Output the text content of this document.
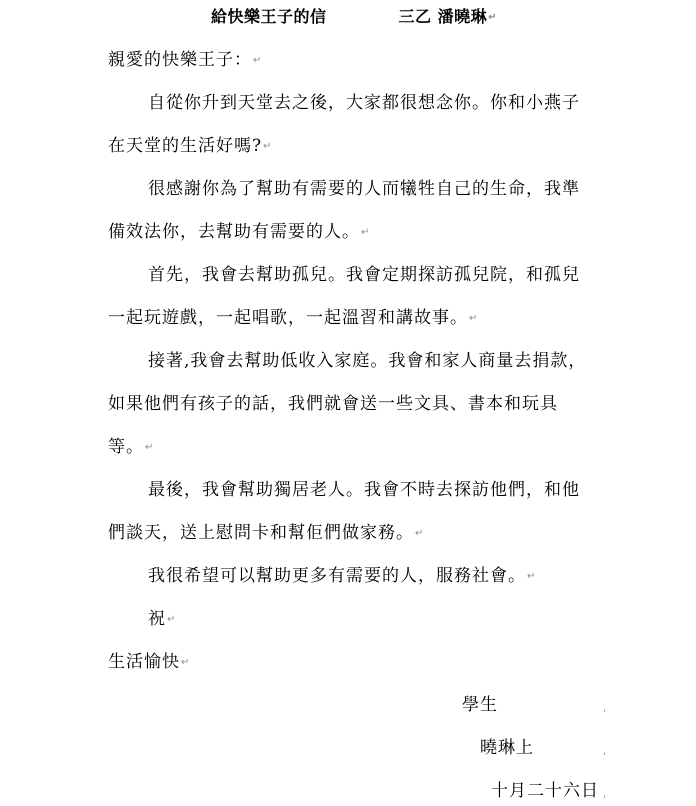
給快樂王子的信	三乙 潘曉琳↵
親愛的快樂王子：↵
自從你升到天堂去之後，大家都很想念你。你和小燕子
在天堂的生活好嗎?↵
很感謝你為了幫助有需要的人而犧牲自己的生命，我準
備效法你，去幫助有需要的人。↵
首先，我會去幫助孤兒。我會定期探訪孤兒院，和孤兒
一起玩遊戲，一起唱歌，一起溫習和講故事。↵
接著,我會去幫助低收入家庭。我會和家人商量去捐款，
如果他們有孩子的話，我們就會送一些文具、書本和玩具
等。↵
最後，我會幫助獨居老人。我會不時去探訪他們，和他
們談天，送上慰問卡和幫佢們做家務。↵
我很希望可以幫助更多有需要的人，服務社會。↵
祝↵
生活愉快↵
學生	,
曉琳上	,
十月二十六日 ,
